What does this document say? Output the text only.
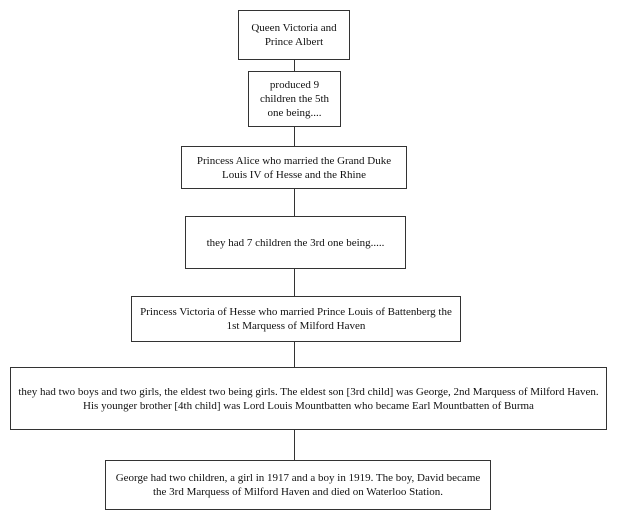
Queen Victoria and Prince Albert
produced 9 children the 5th one being....
Princess Alice who married the Grand Duke Louis IV of Hesse and the Rhine
they had 7 children the 3rd one being.....
Princess Victoria of Hesse who married Prince Louis of Battenberg the 1st Marquess of Milford Haven
they had two boys and two girls, the eldest two being girls. The eldest son [3rd child] was George, 2nd Marquess of Milford Haven. His younger brother [4th child] was Lord Louis Mountbatten who became Earl Mountbatten of Burma
George had two children, a girl in 1917 and a boy in 1919. The boy, David became the 3rd Marquess of Milford Haven and died on Waterloo Station.
